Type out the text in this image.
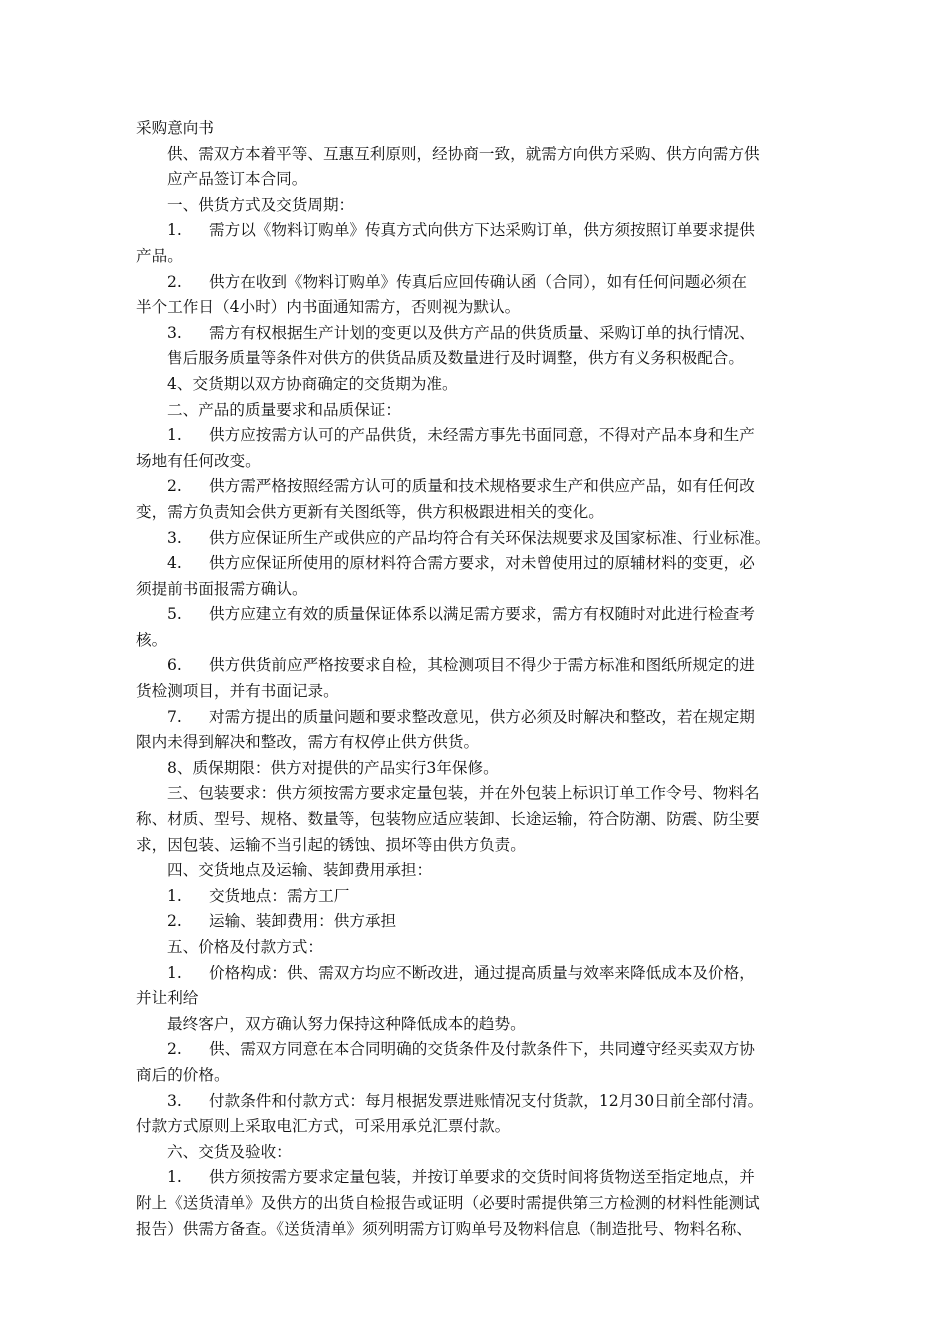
采购意向书
供、需双方本着平等、互惠互利原则，经协商一致，就需方向供方采购、供方向需方供
应产品签订本合同。
一、供货方式及交货周期：
1. 需方以《物料订购单》传真方式向供方下达采购订单，供方须按照订单要求提供
产品。
2. 供方在收到《物料订购单》传真后应回传确认函（合同），如有任何问题必须在
半个工作日（4小时）内书面通知需方，否则视为默认。
3. 需方有权根据生产计划的变更以及供方产品的供货质量、采购订单的执行情况、
售后服务质量等条件对供方的供货品质及数量进行及时调整，供方有义务积极配合。
4、交货期以双方协商确定的交货期为准。
二、产品的质量要求和品质保证：
1. 供方应按需方认可的产品供货，未经需方事先书面同意，不得对产品本身和生产
场地有任何改变。
2. 供方需严格按照经需方认可的质量和技术规格要求生产和供应产品，如有任何改
变，需方负责知会供方更新有关图纸等，供方积极跟进相关的变化。
3. 供方应保证所生产或供应的产品均符合有关环保法规要求及国家标准、行业标准。
4. 供方应保证所使用的原材料符合需方要求，对未曾使用过的原辅材料的变更，必
须提前书面报需方确认。
5. 供方应建立有效的质量保证体系以满足需方要求，需方有权随时对此进行检查考
核。
6. 供方供货前应严格按要求自检，其检测项目不得少于需方标准和图纸所规定的进
货检测项目，并有书面记录。
7. 对需方提出的质量问题和要求整改意见，供方必须及时解决和整改，若在规定期
限内未得到解决和整改，需方有权停止供方供货。
8、质保期限：供方对提供的产品实行3年保修。
三、包装要求：供方须按需方要求定量包装，并在外包装上标识订单工作令号、物料名
称、材质、型号、规格、数量等，包装物应适应装卸、长途运输，符合防潮、防震、防尘要
求，因包装、运输不当引起的锈蚀、损坏等由供方负责。
四、交货地点及运输、装卸费用承担：
1. 交货地点：需方工厂
2. 运输、装卸费用：供方承担
五、价格及付款方式：
1. 价格构成：供、需双方均应不断改进，通过提高质量与效率来降低成本及价格，
并让利给
最终客户，双方确认努力保持这种降低成本的趋势。
2. 供、需双方同意在本合同明确的交货条件及付款条件下，共同遵守经买卖双方协
商后的价格。
3. 付款条件和付款方式：每月根据发票进账情况支付货款，12月30日前全部付清。
付款方式原则上采取电汇方式，可采用承兑汇票付款。
六、交货及验收：
1. 供方须按需方要求定量包装，并按订单要求的交货时间将货物送至指定地点，并
附上《送货清单》及供方的出货自检报告或证明（必要时需提供第三方检测的材料性能测试
报告）供需方备查。《送货清单》须列明需方订购单号及物料信息（制造批号、物料名称、
